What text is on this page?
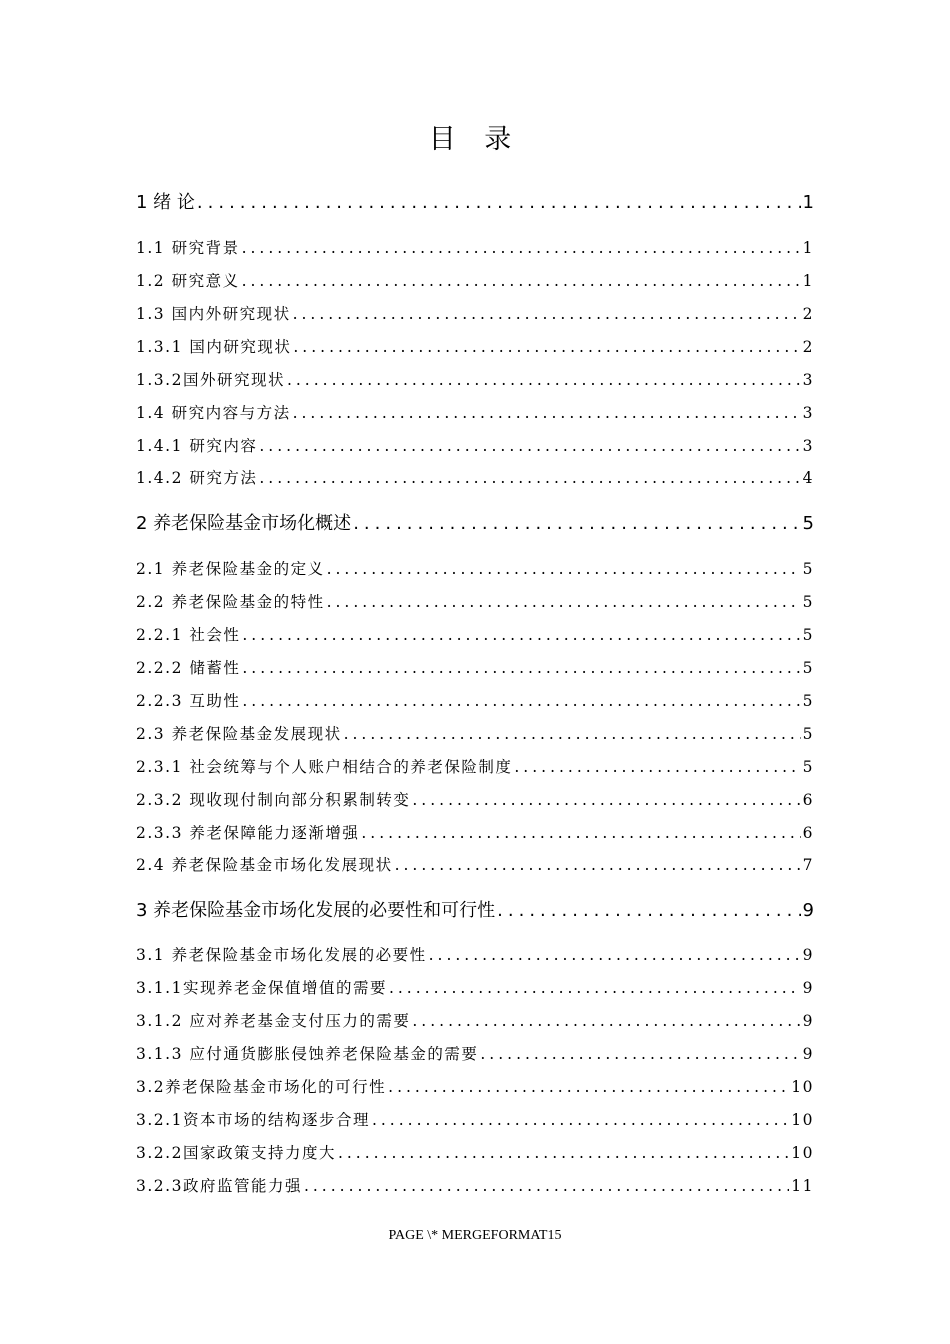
目 录
1 绪 论 .....	1
1.1 研究背景 .....	1
1.2 研究意义 .....	1
1.3 国内外研究现状 .....	2
1.3.1 国内研究现状 .....	2
1.3.2国外研究现状 .....	3
1.4 研究内容与方法 .....	3
1.4.1 研究内容 .....	3
1.4.2 研究方法 .....	4
2 养老保险基金市场化概述 .....	5
2.1 养老保险基金的定义 .....	5
2.2 养老保险基金的特性 .....	5
2.2.1 社会性 .....	5
2.2.2 储蓄性 .....	5
2.2.3 互助性 .....	5
2.3 养老保险基金发展现状 .....	5
2.3.1 社会统筹与个人账户相结合的养老保险制度 .....	5
2.3.2 现收现付制向部分积累制转变 .....	6
2.3.3 养老保障能力逐渐增强 .....	6
2.4 养老保险基金市场化发展现状 .....	7
3 养老保险基金市场化发展的必要性和可行性 .....	9
3.1 养老保险基金市场化发展的必要性 .....	9
3.1.1实现养老金保值增值的需要 .....	9
3.1.2 应对养老基金支付压力的需要 .....	9
3.1.3 应付通货膨胀侵蚀养老保险基金的需要 .....	9
3.2养老保险基金市场化的可行性 .....	10
3.2.1资本市场的结构逐步合理 .....	10
3.2.2国家政策支持力度大 .....	10
3.2.3政府监管能力强 .....	11
PAGE \* MERGEFORMAT15
